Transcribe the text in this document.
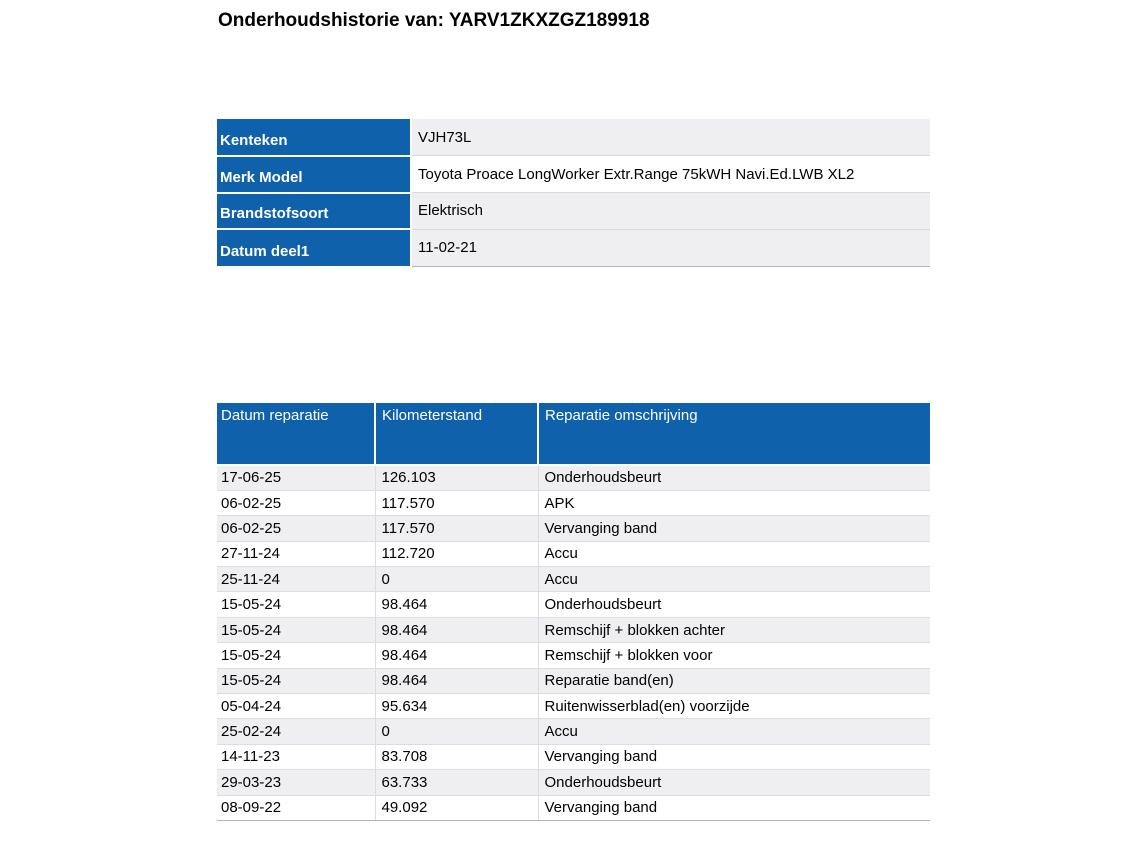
Onderhoudshistorie van: YARV1ZKXZGZ189918
Kenteken	VJH73L
Merk Model	Toyota Proace LongWorker Extr.Range 75kWH Navi.Ed.LWB XL2
Brandstofsoort	Elektrisch
Datum deel1	11-02-21
Datum reparatie	Kilometerstand	Reparatie omschrijving
17-06-25	126.103	Onderhoudsbeurt
06-02-25	117.570	APK
06-02-25	117.570	Vervanging band
27-11-24	112.720	Accu
25-11-24	0	Accu
15-05-24	98.464	Onderhoudsbeurt
15-05-24	98.464	Remschijf + blokken achter
15-05-24	98.464	Remschijf + blokken voor
15-05-24	98.464	Reparatie band(en)
05-04-24	95.634	Ruitenwisserblad(en) voorzijde
25-02-24	0	Accu
14-11-23	83.708	Vervanging band
29-03-23	63.733	Onderhoudsbeurt
08-09-22	49.092	Vervanging band
